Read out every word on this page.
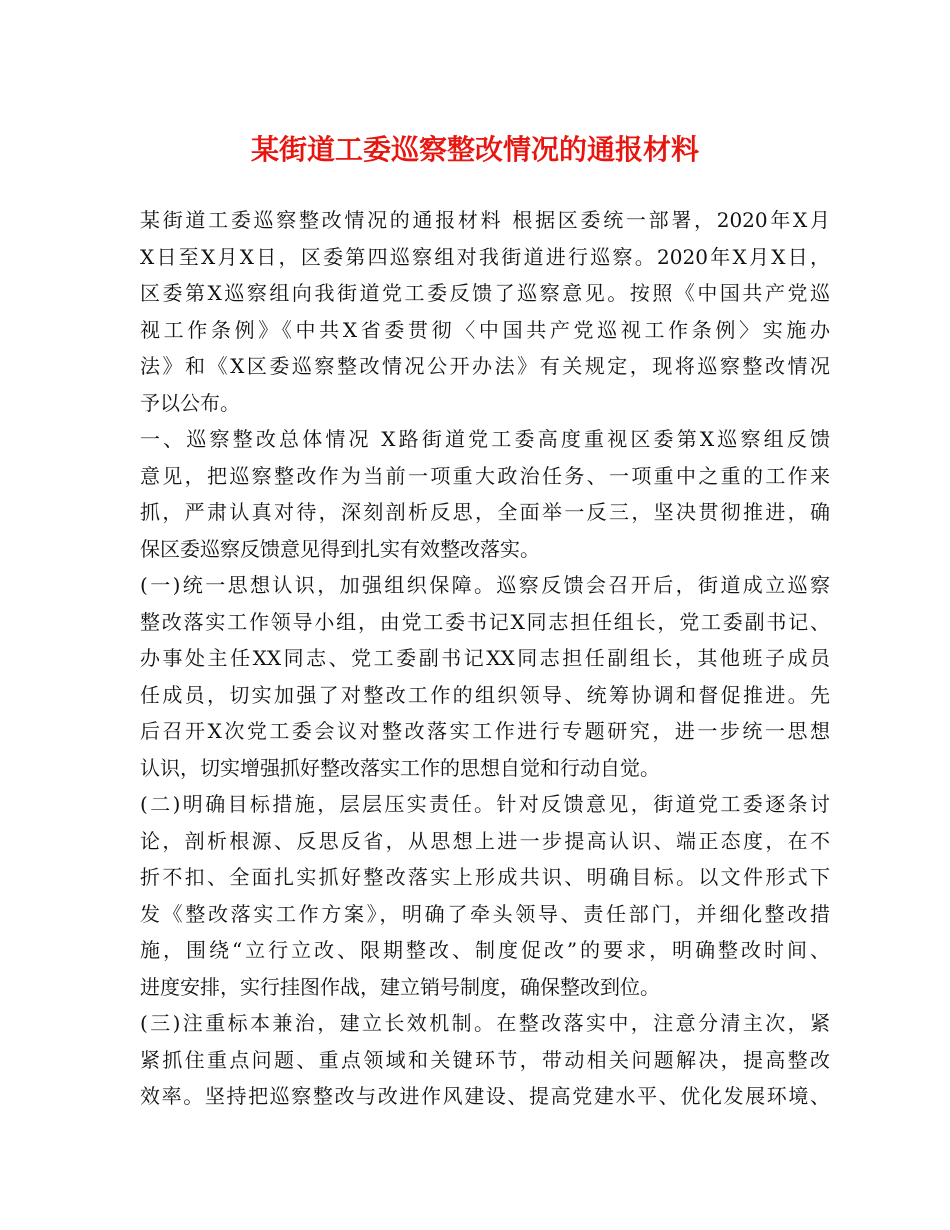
某街道工委巡察整改情况的通报材料
某街道工委巡察整改情况的通报材料 根据区委统一部署，2020年X月
X日至X月X日，区委第四巡察组对我街道进行巡察。2020年X月X日，
区委第X巡察组向我街道党工委反馈了巡察意见。按照《中国共产党巡
视工作条例》《中共X省委贯彻〈中国共产党巡视工作条例〉实施办
法》和《X区委巡察整改情况公开办法》有关规定，现将巡察整改情况
予以公布。
一、巡察整改总体情况 X路街道党工委高度重视区委第X巡察组反馈
意见，把巡察整改作为当前一项重大政治任务、一项重中之重的工作来
抓，严肃认真对待，深刻剖析反思，全面举一反三，坚决贯彻推进，确
保区委巡察反馈意见得到扎实有效整改落实。
(一)统一思想认识，加强组织保障。巡察反馈会召开后，街道成立巡察
整改落实工作领导小组，由党工委书记X同志担任组长，党工委副书记、
办事处主任XX同志、党工委副书记XX同志担任副组长，其他班子成员
任成员，切实加强了对整改工作的组织领导、统筹协调和督促推进。先
后召开X次党工委会议对整改落实工作进行专题研究，进一步统一思想
认识，切实增强抓好整改落实工作的思想自觉和行动自觉。
(二)明确目标措施，层层压实责任。针对反馈意见，街道党工委逐条讨
论，剖析根源、反思反省，从思想上进一步提高认识、端正态度，在不
折不扣、全面扎实抓好整改落实上形成共识、明确目标。以文件形式下
发《整改落实工作方案》，明确了牵头领导、责任部门，并细化整改措
施，围绕“立行立改、限期整改、制度促改”的要求，明确整改时间、
进度安排，实行挂图作战，建立销号制度，确保整改到位。
(三)注重标本兼治，建立长效机制。在整改落实中，注意分清主次，紧
紧抓住重点问题、重点领域和关键环节，带动相关问题解决，提高整改
效率。坚持把巡察整改与改进作风建设、提高党建水平、优化发展环境、
